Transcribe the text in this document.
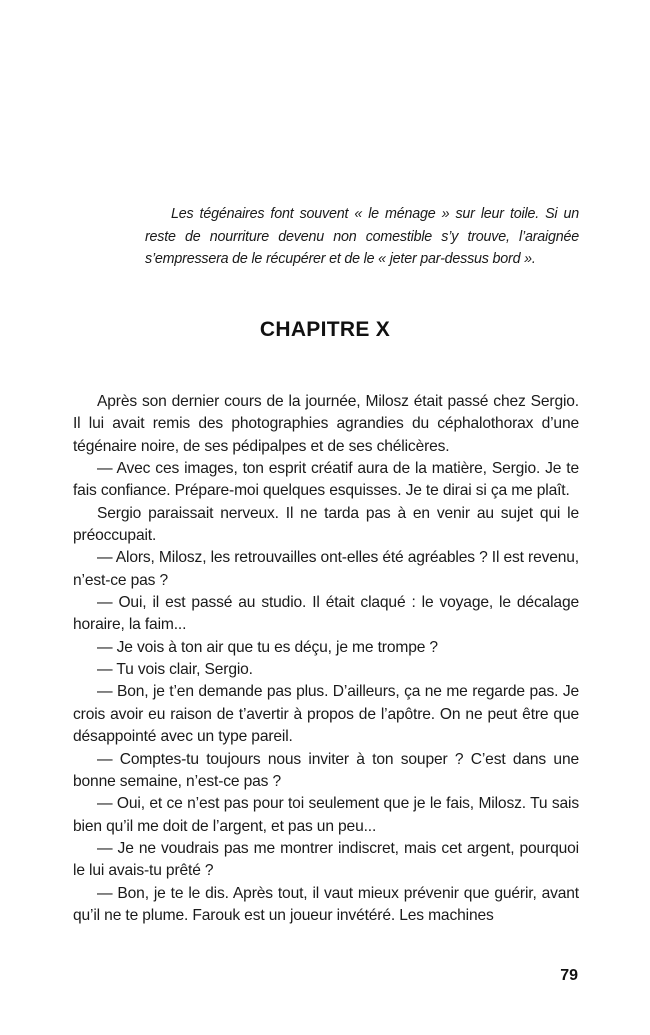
Les tégénaires font souvent « le ménage » sur leur toile. Si un reste de nourriture devenu non comestible s’y trouve, l’araignée s’empressera de le récupérer et de le « jeter par-dessus bord ».

CHAPITRE X

Après son dernier cours de la journée, Milosz était passé chez Sergio. Il lui avait remis des photographies agrandies du céphalothorax d’une tégénaire noire, de ses pédipalpes et de ses chélicères.

— Avec ces images, ton esprit créatif aura de la matière, Sergio. Je te fais confiance. Prépare-moi quelques esquisses. Je te dirai si ça me plaît.

Sergio paraissait nerveux. Il ne tarda pas à en venir au sujet qui le préoccupait.

— Alors, Milosz, les retrouvailles ont-elles été agréables ? Il est revenu, n’est-ce pas ?

— Oui, il est passé au studio. Il était claqué : le voyage, le décalage horaire, la faim...

— Je vois à ton air que tu es déçu, je me trompe ?

— Tu vois clair, Sergio.

— Bon, je t’en demande pas plus. D’ailleurs, ça ne me regarde pas. Je crois avoir eu raison de t’avertir à propos de l’apôtre. On ne peut être que désappointé avec un type pareil.

— Comptes-tu toujours nous inviter à ton souper ? C’est dans une bonne semaine, n’est-ce pas ?

— Oui, et ce n’est pas pour toi seulement que je le fais, Milosz. Tu sais bien qu’il me doit de l’argent, et pas un peu...

— Je ne voudrais pas me montrer indiscret, mais cet argent, pourquoi le lui avais-tu prêté ?

— Bon, je te le dis. Après tout, il vaut mieux prévenir que guérir, avant qu’il ne te plume. Farouk est un joueur invétéré. Les machines

79
